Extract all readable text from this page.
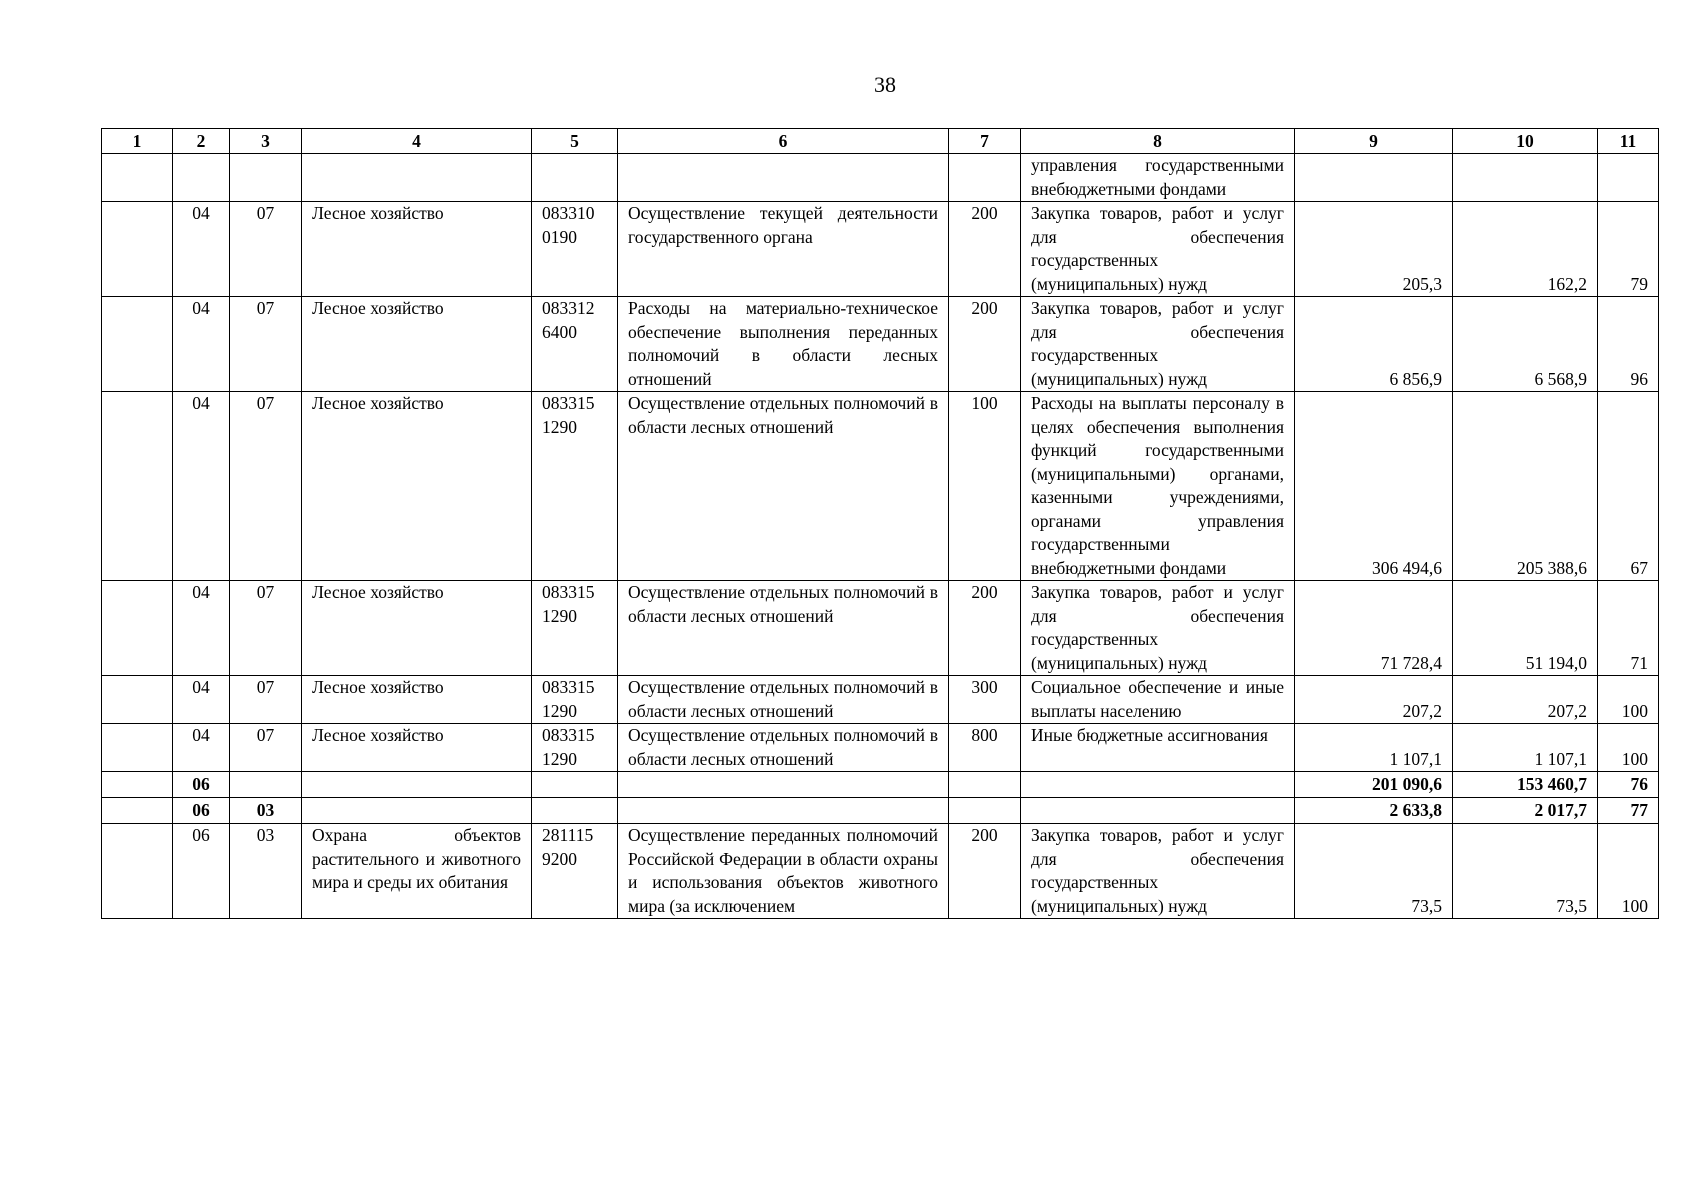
38
1	2	3	4	5	6	7	8	9	10	11
							управления государственными внебюджетными фондами			
	04	07	Лесное хозяйство	083310 0190	Осуществление текущей деятельности государственного органа	200	Закупка товаров, работ и услуг для обеспечения государственных (муниципальных) нужд	205,3	162,2	79
	04	07	Лесное хозяйство	083312 6400	Расходы на материально-техническое обеспечение выполнения переданных полномочий в области лесных отношений	200	Закупка товаров, работ и услуг для обеспечения государственных (муниципальных) нужд	6 856,9	6 568,9	96
	04	07	Лесное хозяйство	083315 1290	Осуществление отдельных полномочий в области лесных отношений	100	Расходы на выплаты персоналу в целях обеспечения выполнения функций государственными (муниципальными) органами, казенными учреждениями, органами управления государственными внебюджетными фондами	306 494,6	205 388,6	67
	04	07	Лесное хозяйство	083315 1290	Осуществление отдельных полномочий в области лесных отношений	200	Закупка товаров, работ и услуг для обеспечения государственных (муниципальных) нужд	71 728,4	51 194,0	71
	04	07	Лесное хозяйство	083315 1290	Осуществление отдельных полномочий в области лесных отношений	300	Социальное обеспечение и иные выплаты населению	207,2	207,2	100
	04	07	Лесное хозяйство	083315 1290	Осуществление отдельных полномочий в области лесных отношений	800	Иные бюджетные ассигнования	1 107,1	1 107,1	100
	06							201 090,6	153 460,7	76
	06	03						2 633,8	2 017,7	77
	06	03	Охрана объектов растительного и животного мира и среды их обитания	281115 9200	Осуществление переданных полномочий Российской Федерации в области охраны и использования объектов животного мира (за исключением	200	Закупка товаров, работ и услуг для обеспечения государственных (муниципальных) нужд	73,5	73,5	100
